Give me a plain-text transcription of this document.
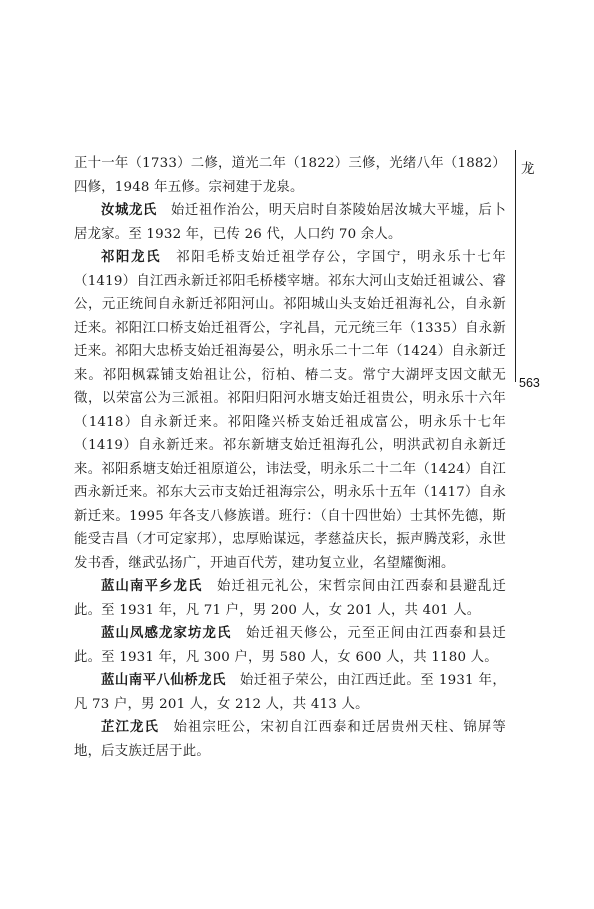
正十一年（1733）二修，道光二年（1822）三修，光绪八年（1882）四修，1948 年五修。宗祠建于龙泉。

汝城龙氏　始迁祖作治公，明天启时自茶陵始居汝城大平墟，后卜居龙家。至 1932 年，已传 26 代，人口约 70 余人。

祁阳龙氏　祁阳毛桥支始迁祖学存公，字国宁，明永乐十七年（1419）自江西永新迁祁阳毛桥楼宰塘。祁东大河山支始迁祖诚公、睿公，元正统间自永新迁祁阳河山。祁阳城山头支始迁祖海礼公，自永新迁来。祁阳江口桥支始迁祖胥公，字礼昌，元元统三年（1335）自永新迁来。祁阳大忠桥支始迁祖海晏公，明永乐二十二年（1424）自永新迁来。祁阳枫霖铺支始祖让公，衍柏、椿二支。常宁大湖坪支因文献无徵，以荣富公为三派祖。祁阳归阳河水塘支始迁祖贵公，明永乐十六年（1418）自永新迁来。祁阳隆兴桥支始迁祖成富公，明永乐十七年（1419）自永新迁来。祁东新塘支始迁祖海孔公，明洪武初自永新迁来。祁阳系塘支始迁祖原道公，讳法受，明永乐二十二年（1424）自江西永新迁来。祁东大云市支始迁祖海宗公，明永乐十五年（1417）自永新迁来。1995 年各支八修族谱。班行：（自十四世始）士其怀先德，斯能受吉昌（才可定家邦），忠厚贻谋远，孝慈益庆长，振声腾茂彩，永世发书香，继武弘扬广，开迪百代芳，建功复立业，名望耀衡湘。

蓝山南平乡龙氏　始迁祖元礼公，宋哲宗间由江西泰和县避乱迁此。至 1931 年，凡 71 户，男 200 人，女 201 人，共 401 人。

蓝山凤感龙家坊龙氏　始迁祖天修公，元至正间由江西泰和县迁此。至 1931 年，凡 300 户，男 580 人，女 600 人，共 1180 人。

蓝山南平八仙桥龙氏　始迁祖子荣公，由江西迁此。至 1931 年，凡 73 户，男 201 人，女 212 人，共 413 人。

芷江龙氏　始祖宗旺公，宋初自江西泰和迁居贵州天柱、锦屏等地，后支族迁居于此。

龙
563
